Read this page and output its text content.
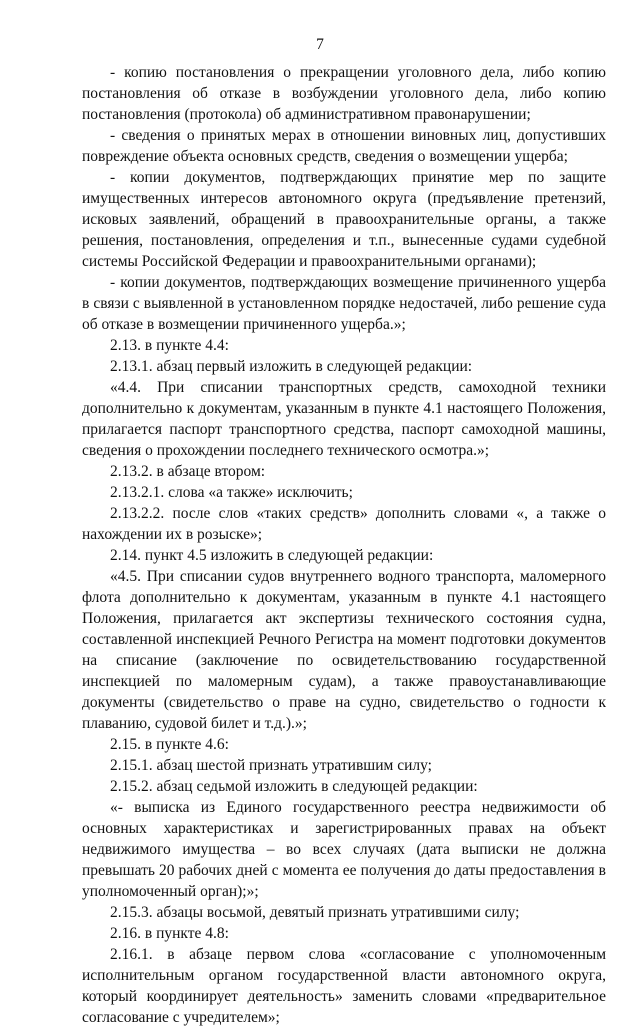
7

- копию постановления о прекращении уголовного дела, либо копию постановления об отказе в возбуждении уголовного дела, либо копию постановления (протокола) об административном правонарушении;

- сведения о принятых мерах в отношении виновных лиц, допустивших повреждение объекта основных средств, сведения о возмещении ущерба;

- копии документов, подтверждающих принятие мер по защите имущественных интересов автономного округа (предъявление претензий, исковых заявлений, обращений в правоохранительные органы, а также решения, постановления, определения и т.п., вынесенные судами судебной системы Российской Федерации и правоохранительными органами);

- копии документов, подтверждающих возмещение причиненного ущерба в связи с выявленной в установленном порядке недостачей, либо решение суда об отказе в возмещении причиненного ущерба.»;

2.13. в пункте 4.4:

2.13.1. абзац первый изложить в следующей редакции:

«4.4. При списании транспортных средств, самоходной техники дополнительно к документам, указанным в пункте 4.1 настоящего Положения, прилагается паспорт транспортного средства, паспорт самоходной машины, сведения о прохождении последнего технического осмотра.»;

2.13.2. в абзаце втором:

2.13.2.1. слова «а также» исключить;

2.13.2.2. после слов «таких средств» дополнить словами «, а также о нахождении их в розыске»;

2.14. пункт 4.5 изложить в следующей редакции:

«4.5. При списании судов внутреннего водного транспорта, маломерного флота дополнительно к документам, указанным в пункте 4.1 настоящего Положения, прилагается акт экспертизы технического состояния судна, составленной инспекцией Речного Регистра на момент подготовки документов на списание (заключение по освидетельствованию государственной инспекцией по маломерным судам), а также правоустанавливающие документы (свидетельство о праве на судно, свидетельство о годности к плаванию, судовой билет и т.д.).»;

2.15. в пункте 4.6:

2.15.1. абзац шестой признать утратившим силу;

2.15.2. абзац седьмой изложить в следующей редакции:

«- выписка из Единого государственного реестра недвижимости об основных характеристиках и зарегистрированных правах на объект недвижимого имущества – во всех случаях (дата выписки не должна превышать 20 рабочих дней с момента ее получения до даты предоставления в уполномоченный орган);»;

2.15.3. абзацы восьмой, девятый признать утратившими силу;

2.16. в пункте 4.8:

2.16.1. в абзаце первом слова «согласование с уполномоченным исполнительным органом государственной власти автономного округа, который координирует деятельность» заменить словами «предварительное согласование с учредителем»;
